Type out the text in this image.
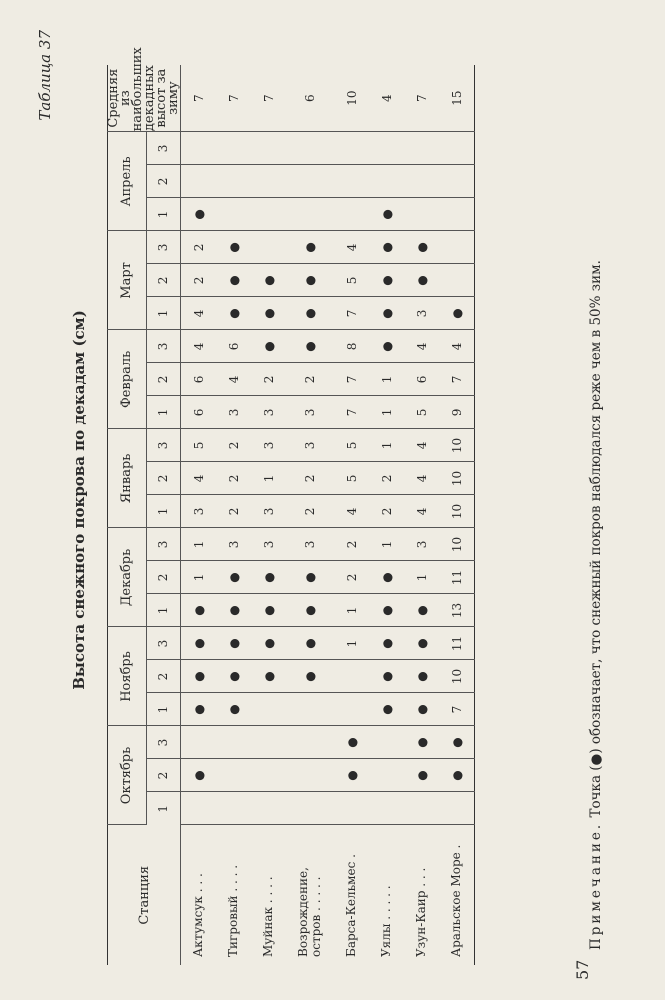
57
Таблица 37
Высота снежного покрова по декадам (см)
Станция	Октябрь			Ноябрь			Декабрь			Январь			Февраль			Март			Апрель			Средняя из наибольших декадных высот за зиму
	1	2	3	1	2	3	1	2	3	1	2	3	1	2	3	1	2	3	1	2	3	
Актумсук . . .		●		●	●	●	●	1	1	3	4	5	6	6	4	4	2	2	●			7
Тигровый . . . .				●	●	●	●	●	3	2	2	2	3	4	6	●	●	●				7
Муйнак . . . .					●	●	●	●	3	3	1	3	3	2	●	●	●					7
Возрождение, остров . . . . .					●	●	●	●	3	2	2	3	3	2	●	●	●	●				6
Барса-Кельмес .		●	●			1	1	2	2	4	5	5	7	7	8	7	5	4				10
Уялы . . . . .				●	●	●	●	●	1	2	2	1	1	1	●	●	●	●	●			4
Узун-Каир . . .		●	●	●	●	●	●	1	3	4	4	4	5	6	4	3	●	●				7
Аральское Море .		●	●	7	10	11	13	11	10	10	10	10	9	7	4	●						15
Примечание. Точка (●) обозначает, что снежный покров наблюдался реже чем в 50% зим.
